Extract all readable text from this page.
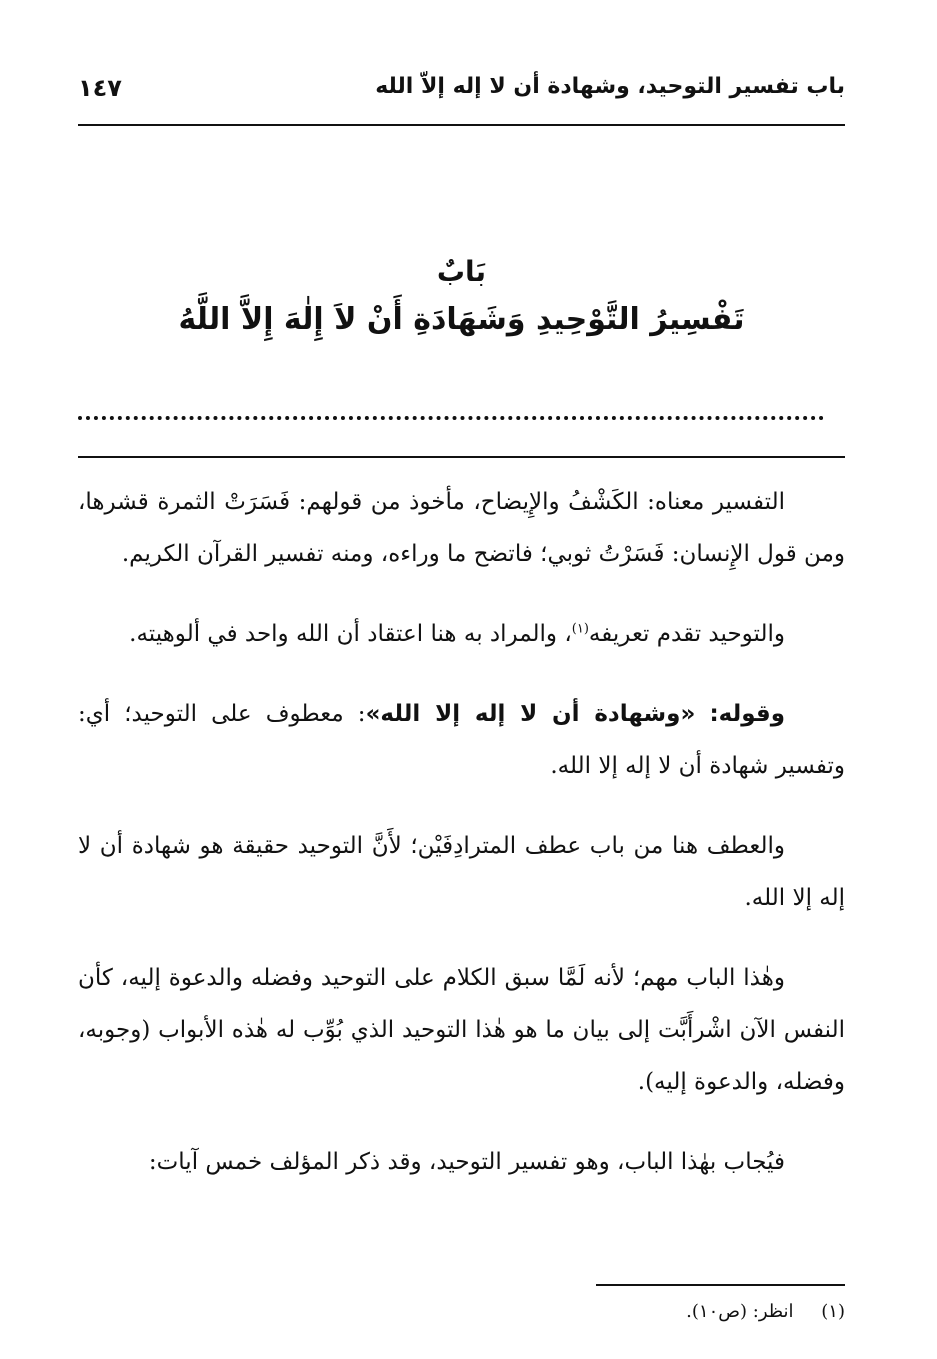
باب تفسير التوحيد، وشهادة أن لا إله إلاّ الله
١٤٧
بَابٌ
تَفْسِيرُ التَّوْحِيدِ وَشَهَادَةِ أَنْ لاَ إِلٰهَ إِلاَّ اللَّهُ

التفسير معناه: الكَشْفُ والإِيضاح، مأخوذ من قولهم: فَسَرَتْ الثمرة قشرها، ومن قول الإِنسان: فَسَرْتُ ثوبي؛ فاتضح ما وراءه، ومنه تفسير القرآن الكريم.

والتوحيد تقدم تعريفه$^{(١)}$، والمراد به هنا اعتقاد أن الله واحد في ألوهيته.

وقوله: «وشهادة أن لا إله إلا الله»: معطوف على التوحيد؛ أي: وتفسير شهادة أن لا إله إلا الله.

والعطف هنا من باب عطف المترادِفَيْن؛ لأَنَّ التوحيد حقيقة هو شهادة أن لا إله إلا الله.

وهٰذا الباب مهم؛ لأنه لَمَّا سبق الكلام على التوحيد وفضله والدعوة إليه، كأن النفس الآن اشْرأَبَّت إلى بيان ما هو هٰذا التوحيد الذي بُوِّب له هٰذه الأبواب (وجوبه، وفضله، والدعوة إليه).

فيُجاب بهٰذا الباب، وهو تفسير التوحيد، وقد ذكر المؤلف خمس آيات:

(١) انظر: (ص١٠).
